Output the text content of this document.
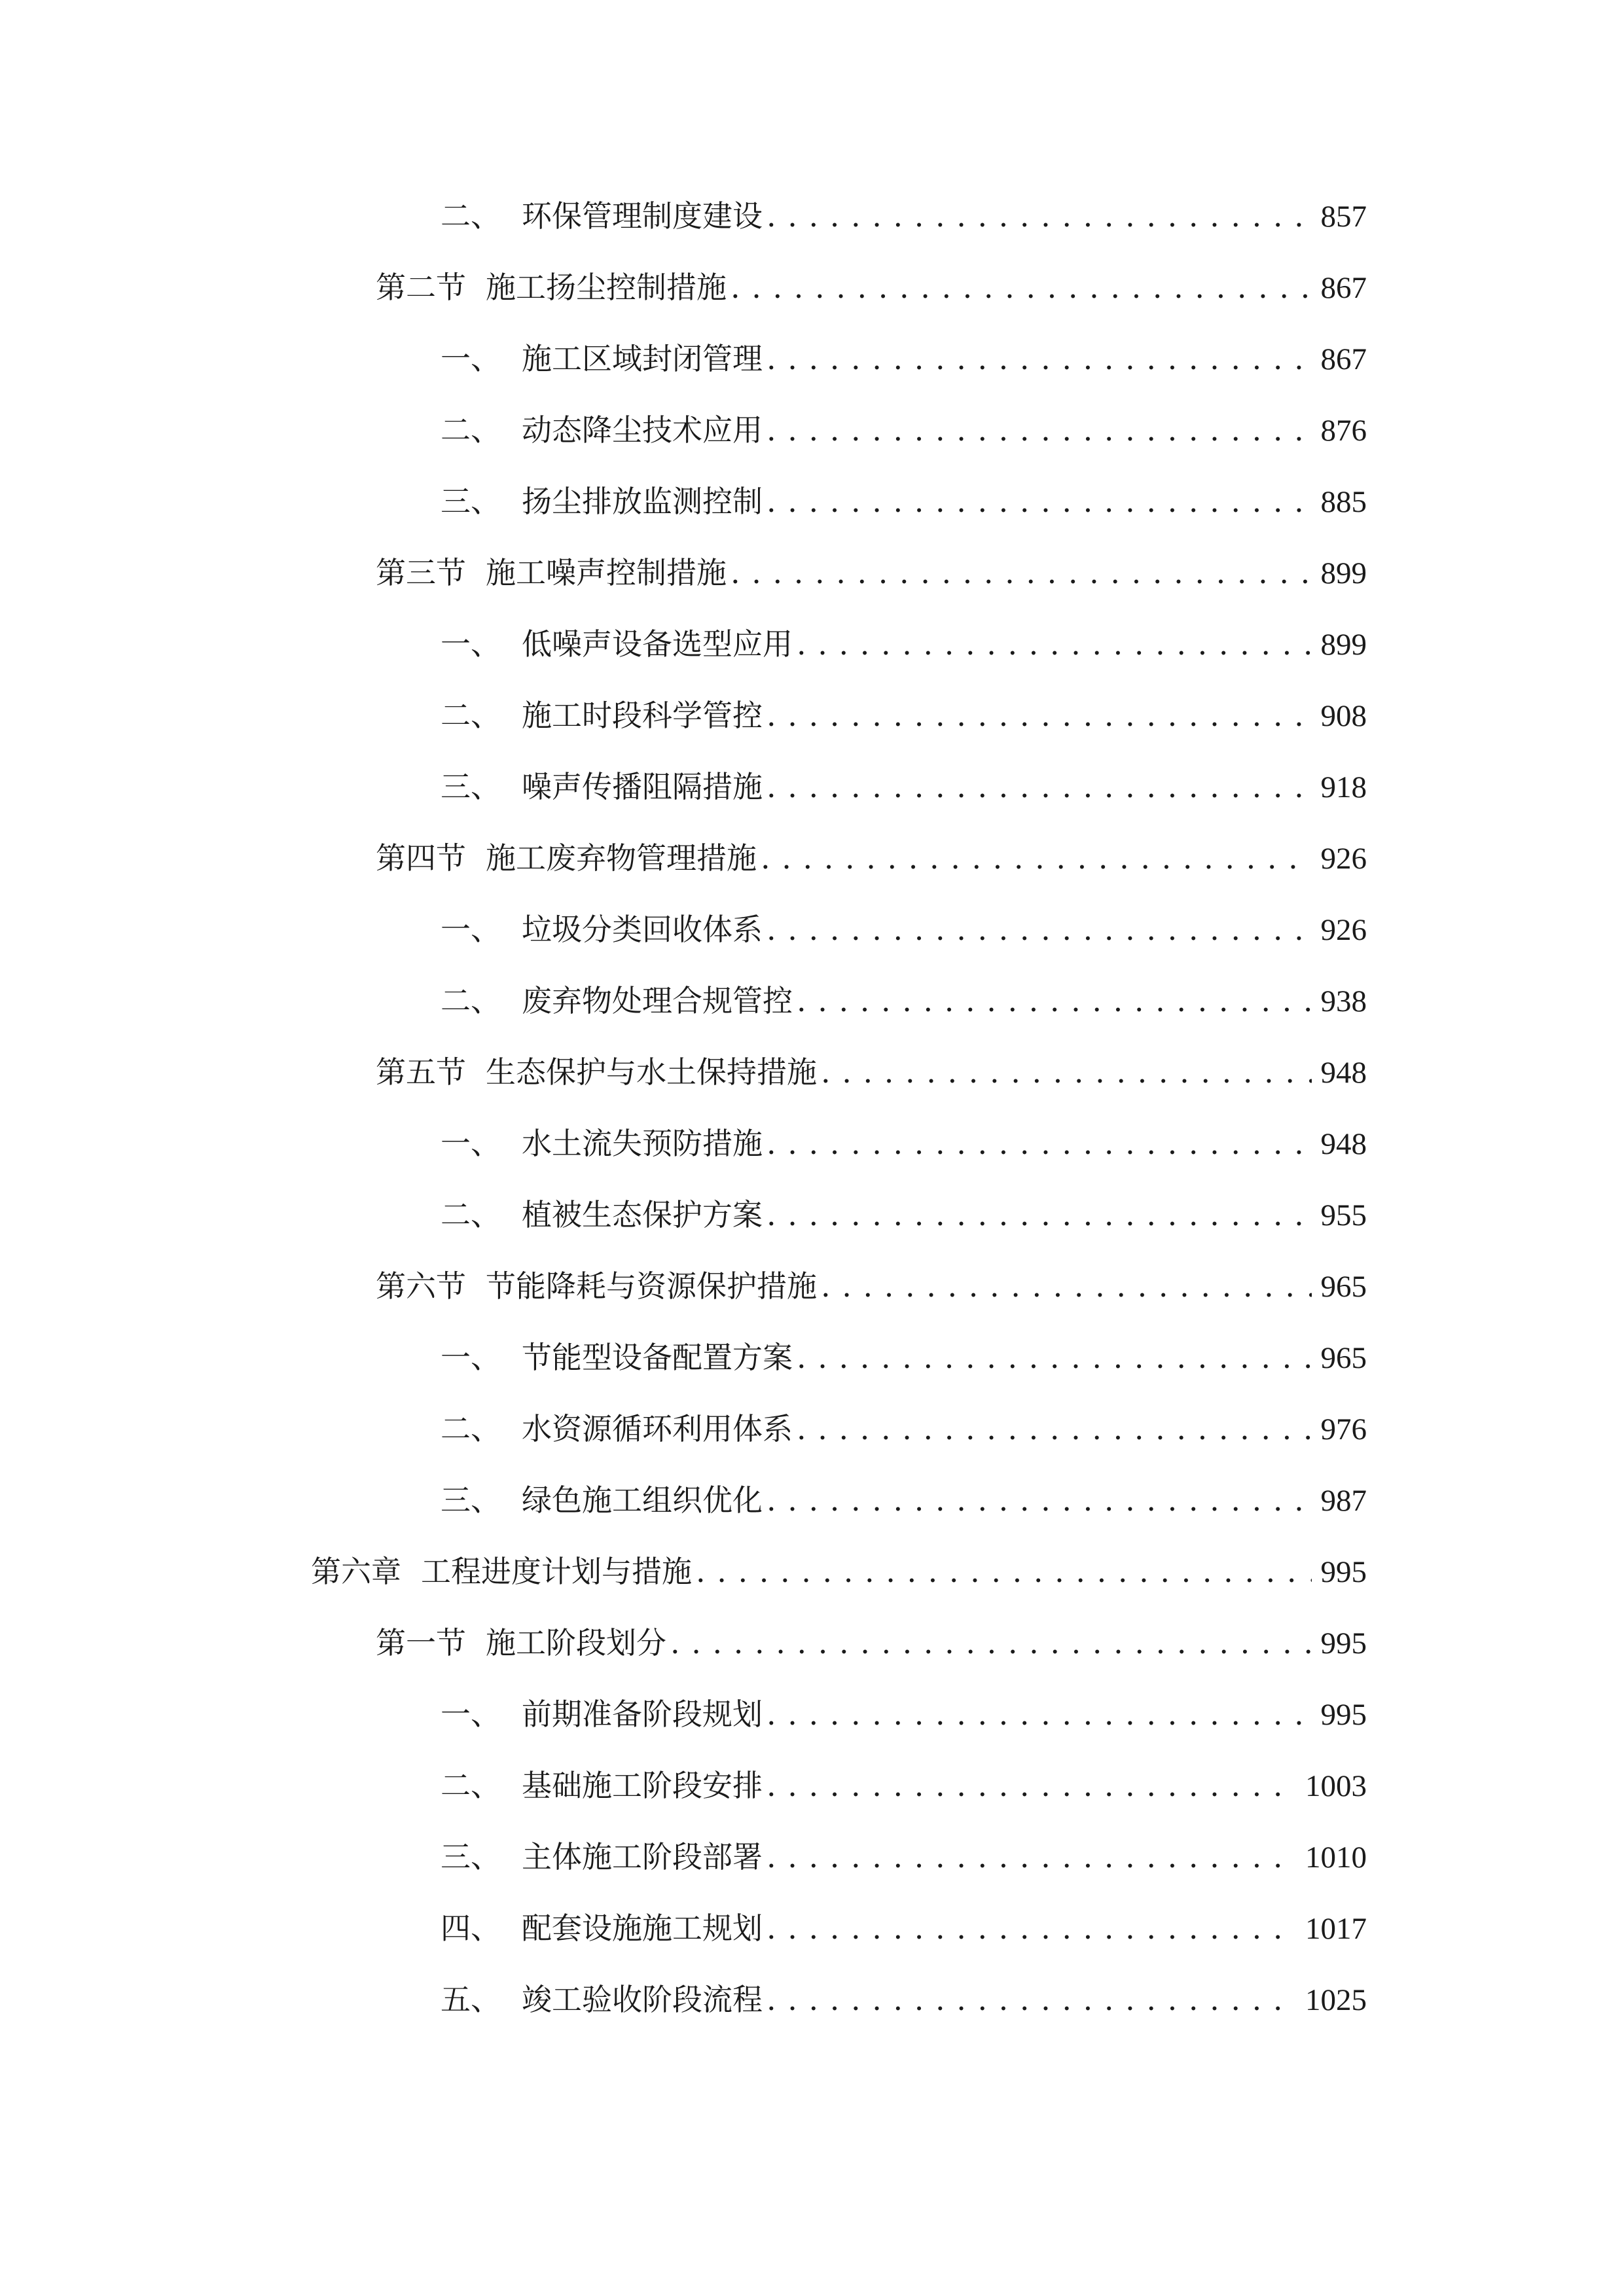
二、 环保管理制度建设 . . .	857
第二节 施工扬尘控制措施 . . .	867
一、 施工区域封闭管理 . . .	867
二、 动态降尘技术应用 . . .	876
三、 扬尘排放监测控制 . . .	885
第三节 施工噪声控制措施 . . .	899
一、 低噪声设备选型应用 . . .	899
二、 施工时段科学管控 . . .	908
三、 噪声传播阻隔措施 . . .	918
第四节 施工废弃物管理措施 . . .	926
一、 垃圾分类回收体系 . . .	926
二、 废弃物处理合规管控 . . .	938
第五节 生态保护与水土保持措施 . . .	948
一、 水土流失预防措施 . . .	948
二、 植被生态保护方案 . . .	955
第六节 节能降耗与资源保护措施 . . .	965
一、 节能型设备配置方案 . . .	965
二、 水资源循环利用体系 . . .	976
三、 绿色施工组织优化 . . .	987
第六章 工程进度计划与措施 . . .	995
第一节 施工阶段划分 . . .	995
一、 前期准备阶段规划 . . .	995
二、 基础施工阶段安排 . . .	1003
三、 主体施工阶段部署 . . .	1010
四、 配套设施施工规划 . . .	1017
五、 竣工验收阶段流程 . . .	1025
